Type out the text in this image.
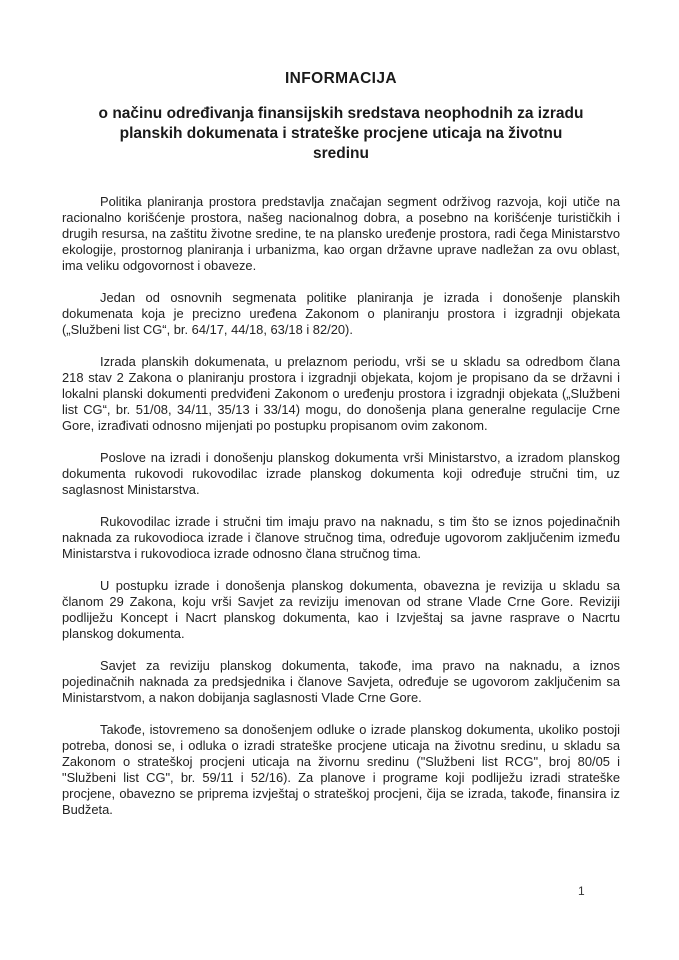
INFORMACIJA
o načinu određivanja finansijskih sredstava neophodnih za izradu
planskih dokumenata i strateške procjene uticaja na životnu
sredinu

Politika planiranja prostora predstavlja značajan segment održivog razvoja, koji utiče na racionalno korišćenje prostora, našeg nacionalnog dobra, a posebno na korišćenje turističkih i drugih resursa, na zaštitu životne sredine, te na plansko uređenje prostora, radi čega Ministarstvo ekologije, prostornog planiranja i urbanizma, kao organ državne uprave nadležan za ovu oblast, ima veliku odgovornost i obaveze.

Jedan od osnovnih segmenata politike planiranja je izrada i donošenje planskih dokumenata koja je precizno uređena Zakonom o planiranju prostora i izgradnji objekata („Službeni list CG“, br. 64/17, 44/18, 63/18 i 82/20).

Izrada planskih dokumenata, u prelaznom periodu, vrši se u skladu sa odredbom člana 218 stav 2 Zakona o planiranju prostora i izgradnji objekata, kojom je propisano da se državni i lokalni planski dokumenti predviđeni Zakonom o uređenju prostora i izgradnji objekata („Službeni list CG“, br. 51/08, 34/11, 35/13 i 33/14) mogu, do donošenja plana generalne regulacije Crne Gore, izrađivati odnosno mijenjati po postupku propisanom ovim zakonom.

Poslove na izradi i donošenju planskog dokumenta vrši Ministarstvo, a izradom planskog dokumenta rukovodi rukovodilac izrade planskog dokumenta koji određuje stručni tim, uz saglasnost Ministarstva.

Rukovodilac izrade i stručni tim imaju pravo na naknadu, s tim što se iznos pojedinačnih naknada za rukovodioca izrade i članove stručnog tima, određuje ugovorom zaključenim između Ministarstva i rukovodioca izrade odnosno člana stručnog tima.

U postupku izrade i donošenja planskog dokumenta, obavezna je revizija u skladu sa članom 29 Zakona, koju vrši Savjet za reviziju imenovan od strane Vlade Crne Gore. Reviziji podliježu Koncept i Nacrt planskog dokumenta, kao i Izvještaj sa javne rasprave o Nacrtu planskog dokumenta.

Savjet za reviziju planskog dokumenta, takođe, ima pravo na naknadu, a iznos pojedinačnih naknada za predsjednika i članove Savjeta, određuje se ugovorom zaključenim sa Ministarstvom, a nakon dobijanja saglasnosti Vlade Crne Gore.

Takođe, istovremeno sa donošenjem odluke o izrade planskog dokumenta, ukoliko postoji potreba, donosi se, i odluka o izradi strateške procjene uticaja na životnu sredinu, u skladu sa Zakonom o strateškoj procjeni uticaja na živornu sredinu ("Službeni list RCG", broj 80/05 i "Službeni list CG", br. 59/11 i 52/16). Za planove i programe koji podliježu izradi strateške procjene, obavezno se priprema izvještaj o strateškoj procjeni, čija se izrada, takođe, finansira iz Budžeta.

1
